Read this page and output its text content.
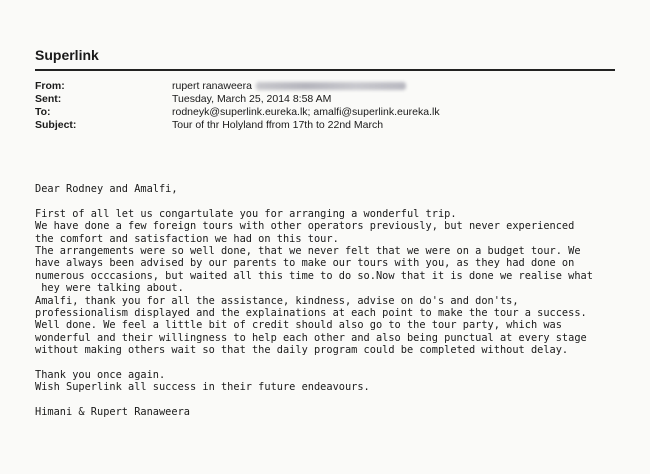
Superlink
From:	rupert ranaweera
Sent:	Tuesday, March 25, 2014 8:58 AM
To:	rodneyk@superlink.eureka.lk; amalfi@superlink.eureka.lk
Subject:	Tour of thr Holyland ffrom 17th to 22nd March

Dear Rodney and Amalfi,

First of all let us congartulate you for arranging a wonderful trip.

We have done a few foreign tours with other operators previously, but never experienced

the comfort and satisfaction we had on this tour.

The arrangements were so well done, that we never felt that we were on a budget tour. We

have always been advised by our parents to make our tours with you, as they had done on

numerous occcasions, but waited all this time to do so.Now that it is done we realise what

hey were talking about.

Amalfi, thank you for all the assistance, kindness, advise on do's and don'ts,

professionalism displayed and the explainations at each point to make the tour a success.

Well done. We feel a little bit of credit should also go to the tour party, which was

wonderful and their willingness to help each other and also being punctual at every stage

without making others wait so that the daily program could be completed without delay.

Thank you once again.

Wish Superlink all success in their future endeavours.

Himani & Rupert Ranaweera
